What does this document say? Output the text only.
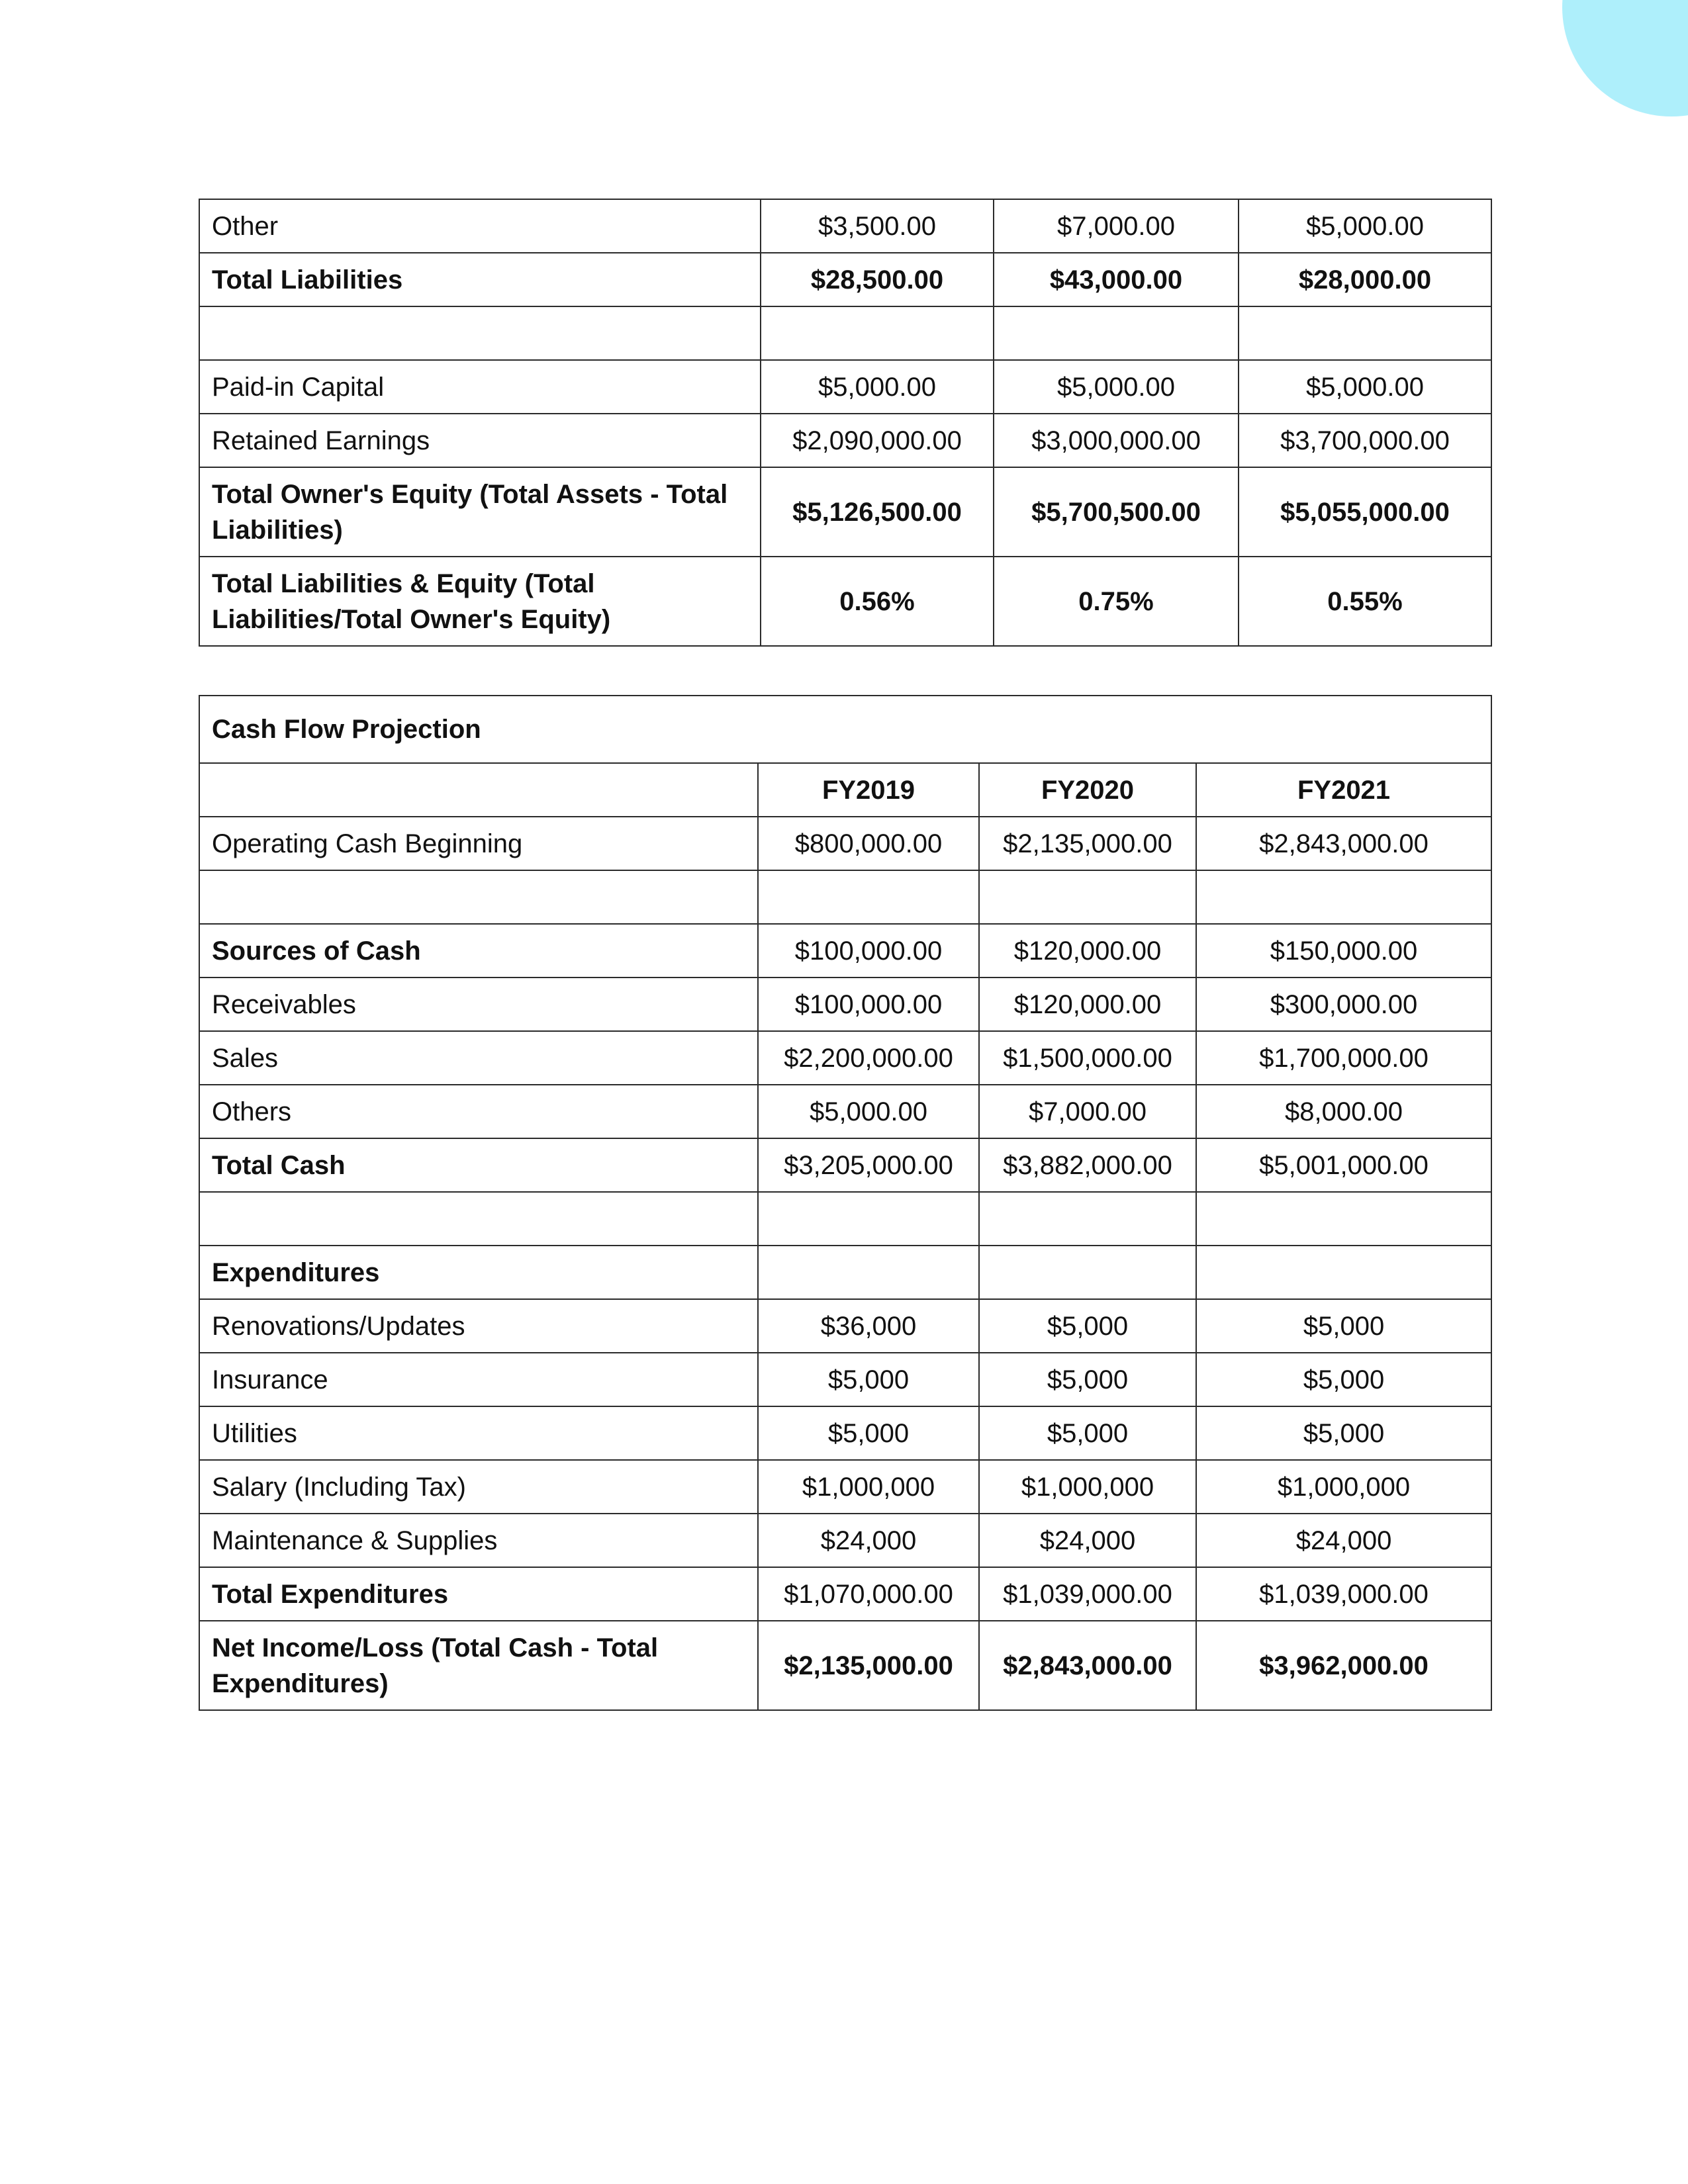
Other	$3,500.00	$7,000.00	$5,000.00
Total Liabilities	$28,500.00	$43,000.00	$28,000.00

Paid-in Capital	$5,000.00	$5,000.00	$5,000.00
Retained Earnings	$2,090,000.00	$3,000,000.00	$3,700,000.00
Total Owner's Equity (Total Assets - Total Liabilities)	$5,126,500.00	$5,700,500.00	$5,055,000.00
Total Liabilities & Equity (Total Liabilities/Total Owner's Equity)	0.56%	0.75%	0.55%
Cash Flow Projection			
	FY2019	FY2020	FY2021
Operating Cash Beginning	$800,000.00	$2,135,000.00	$2,843,000.00

Sources of Cash	$100,000.00	$120,000.00	$150,000.00
Receivables	$100,000.00	$120,000.00	$300,000.00
Sales	$2,200,000.00	$1,500,000.00	$1,700,000.00
Others	$5,000.00	$7,000.00	$8,000.00
Total Cash	$3,205,000.00	$3,882,000.00	$5,001,000.00

Expenditures			
Renovations/Updates	$36,000	$5,000	$5,000
Insurance	$5,000	$5,000	$5,000
Utilities	$5,000	$5,000	$5,000
Salary (Including Tax)	$1,000,000	$1,000,000	$1,000,000
Maintenance & Supplies	$24,000	$24,000	$24,000
Total Expenditures	$1,070,000.00	$1,039,000.00	$1,039,000.00
Net Income/Loss (Total Cash - Total Expenditures)	$2,135,000.00	$2,843,000.00	$3,962,000.00
